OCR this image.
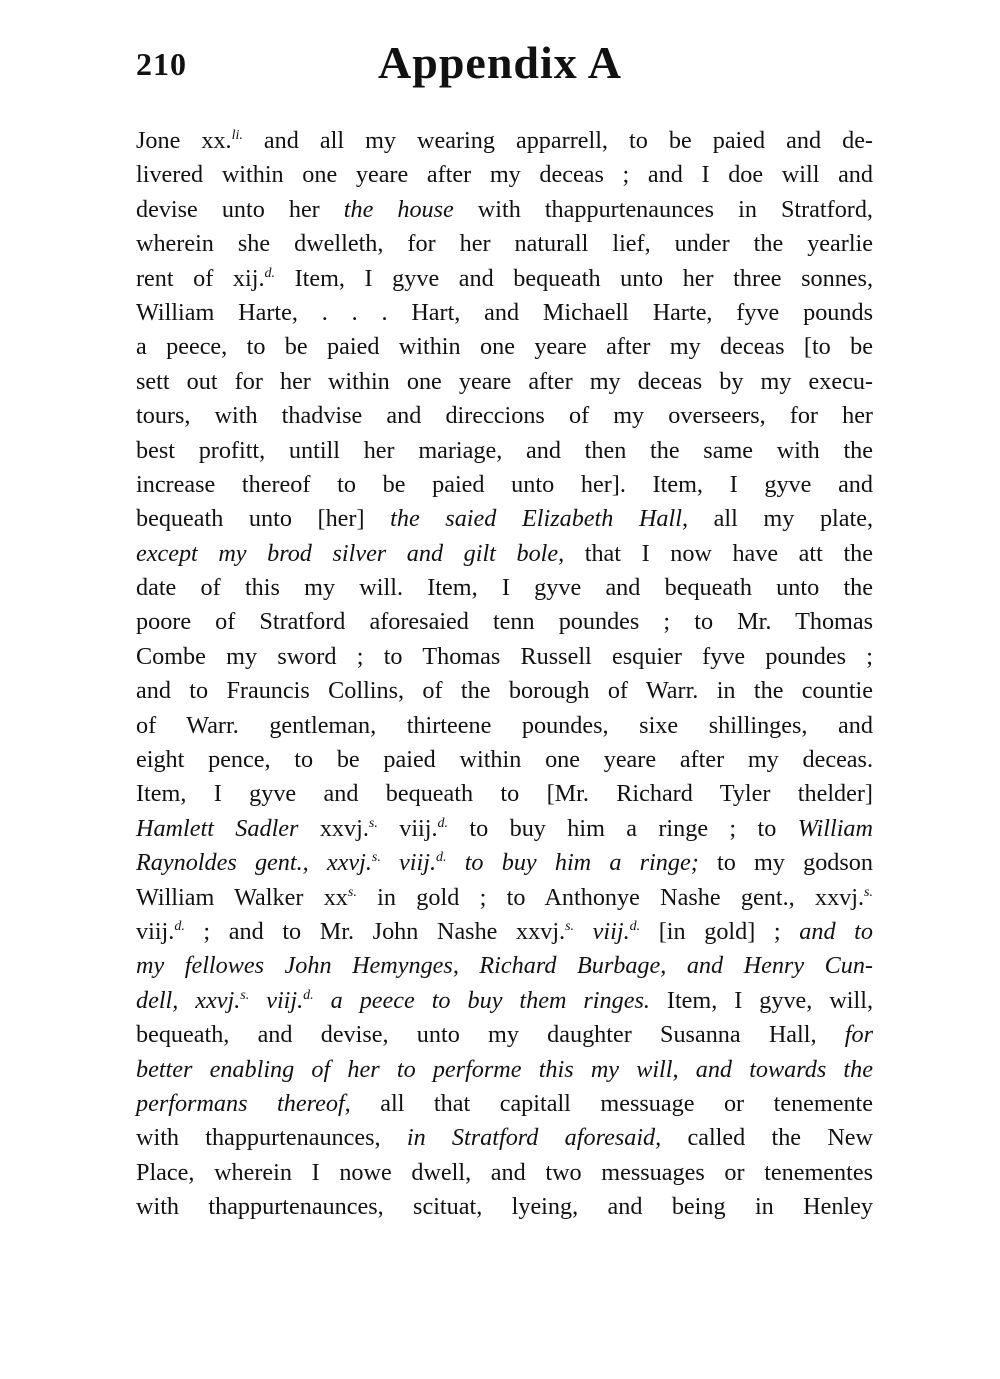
210	Appendix A
Jone xx.$^{li.}$ and all my wearing apparrell, to be paied and de-
livered within one yeare after my deceas ; and I doe will and
devise unto her the house with thappurtenaunces in Stratford,
wherein she dwelleth, for her naturall lief, under the yearlie
rent of xij.$^{d.}$ Item, I gyve and bequeath unto her three sonnes,
William Harte, . . . Hart, and Michaell Harte, fyve pounds
a peece, to be paied within one yeare after my deceas [to be
sett out for her within one yeare after my deceas by my execu-
tours, with thadvise and direccions of my overseers, for her
best profitt, untill her mariage, and then the same with the
increase thereof to be paied unto her]. Item, I gyve and
bequeath unto [her] the saied Elizabeth Hall, all my plate,
except my brod silver and gilt bole, that I now have att the
date of this my will. Item, I gyve and bequeath unto the
poore of Stratford aforesaied tenn poundes ; to Mr. Thomas
Combe my sword ; to Thomas Russell esquier fyve poundes ;
and to Frauncis Collins, of the borough of Warr. in the countie
of Warr. gentleman, thirteene poundes, sixe shillinges, and
eight pence, to be paied within one yeare after my deceas.
Item, I gyve and bequeath to [Mr. Richard Tyler thelder]
Hamlett Sadler xxvj.$^{s.}$ viij.$^{d.}$ to buy him a ringe ; to William
Raynoldes gent., xxvj.$^{s.}$ viij.$^{d.}$ to buy him a ringe; to my godson
William Walker $xx^{s.}$ in gold ; to Anthonye Nashe gent., xxvj.$^{s.}$
viij.$^{d.}$ ; and to Mr. John Nashe xxvj.$^{s.}$ viij.$^{d.}$ [in gold] ; and to
my fellowes John Hemynges, Richard Burbage, and Henry Cun-
dell, xxvj.$^{s.}$ viij.$^{d.}$ a peece to buy them ringes. Item, I gyve, will,
bequeath, and devise, unto my daughter Susanna Hall, for
better enabling of her to performe this my will, and towards the
performans thereof, all that capitall messuage or tenemente
with thappurtenaunces, in Stratford aforesaid, called the New
Place, wherein I nowe dwell, and two messuages or tenementes
with thappurtenaunces, scituat, lyeing, and being in Henley
